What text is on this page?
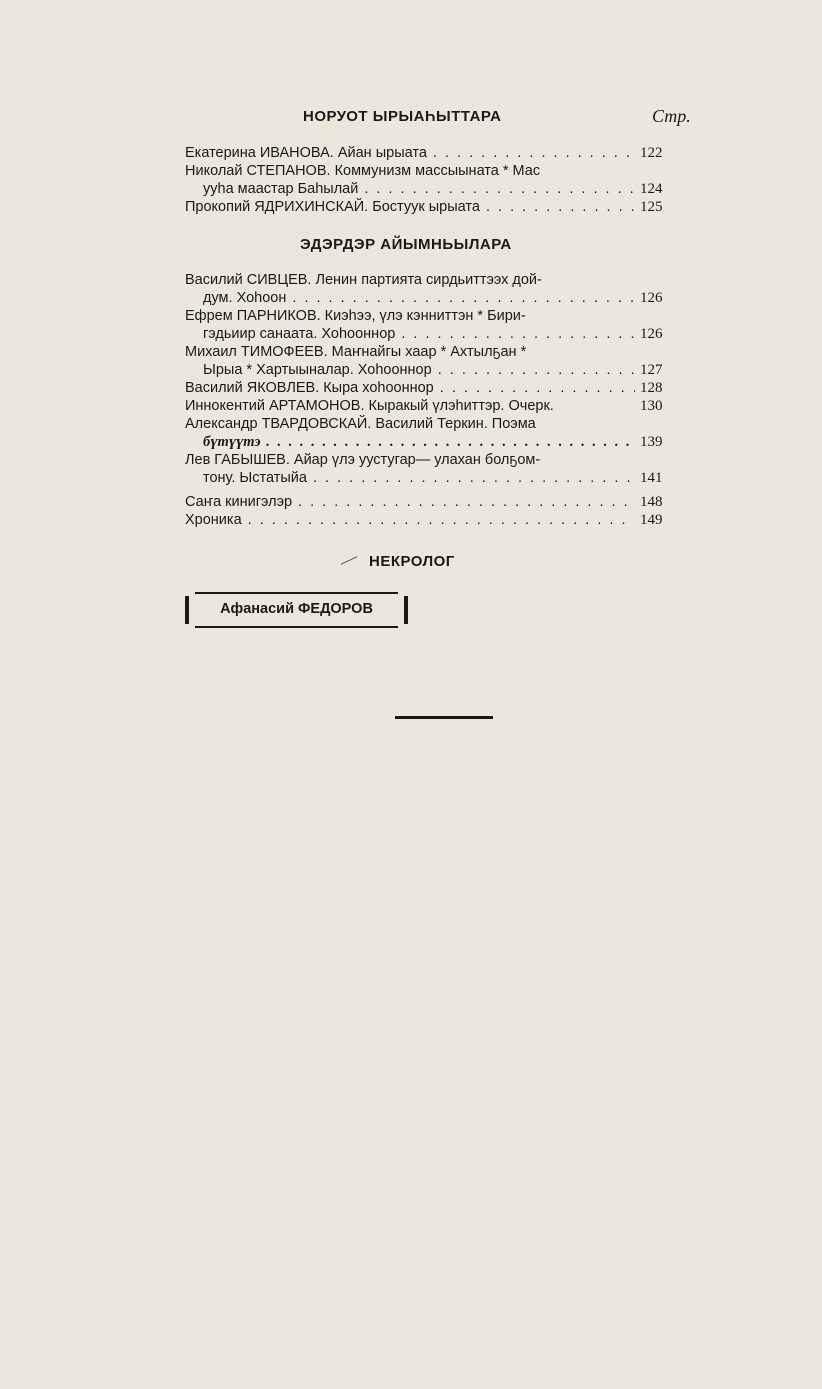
НОРУОТ ЫРЫАҺЫТТАРА	Стр.
Екатерина ИВАНОВА. Айан ырыата . . .	122
Николай СТЕПАНОВ. Коммунизм массыыната * Мас
ууһа маастар Баһылай . . .	124
Прокопий ЯДРИХИНСКАЙ. Бостуук ырыата . . .	125
ЭДЭРДЭР АЙЫМНЬЫЛАРА
Василий СИВЦЕВ. Ленин партията сирдьиттээх дой-
дум. Хоһоон . . .	126
Ефрем ПАРНИКОВ. Киэһээ, үлэ кэнниттэн * Бири-
гэдьиир санаата. Хоһооннор . . .	126
Михаил ТИМОФЕЕВ. Маҥнайгы хаар * Ахтылҕан *
Ырыа * Хартыыналар. Хоһооннор . . .	127
Василий ЯКОВЛЕВ. Кыра хоһооннор . . .	128
Иннокентий АРТАМОНОВ. Кыракый үлэһиттэр. Очерк.	130
Александр ТВАРДОВСКАЙ. Василий Теркин. Поэма
бүтүүтэ . . .	139
Лев ГАБЫШЕВ. Айар үлэ уустугар— улахан болҕом-
тону. Ыстатыйа . . .	141
Саҥа кинигэлэр . . .	148
Хроника . . .	149
НЕКРОЛОГ
Афанасий ФЕДОРОВ
